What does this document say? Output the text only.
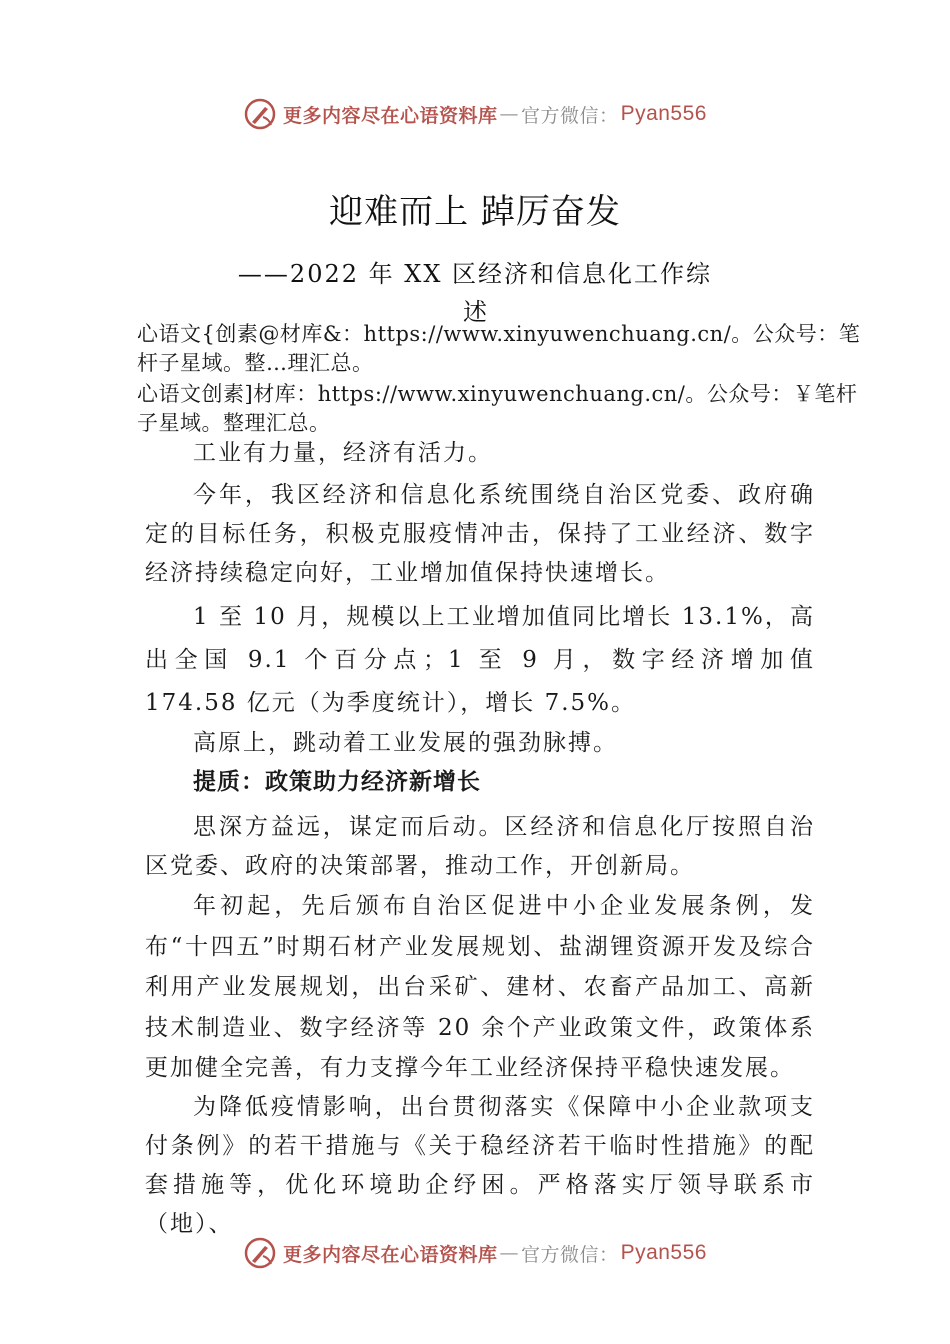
更多内容尽在心语资料库 — 官方微信： Pyan556
迎难而上 踔厉奋发
——2022 年 XX 区经济和信息化工作综
述
心语文{创素@材库&：https://www.xinyuwenchuang.cn/。公众号：笔杆子星域。整…理汇总。
心语文创素]材库：https://www.xinyuwenchuang.cn/。公众号：￥笔杆子星域。整理汇总。
工业有力量，经济有活力。
今年，我区经济和信息化系统围绕自治区党委、政府确定的目标任务，积极克服疫情冲击，保持了工业经济、数字经济持续稳定向好，工业增加值保持快速增长。
1 至 10 月，规模以上工业增加值同比增长 13.1%，高出全国 9.1 个百分点；1 至 9 月，数字经济增加值 174.58 亿元（为季度统计），增长 7.5%。
高原上，跳动着工业发展的强劲脉搏。
提质：政策助力经济新增长
思深方益远，谋定而后动。区经济和信息化厅按照自治区党委、政府的决策部署，推动工作，开创新局。
年初起，先后颁布自治区促进中小企业发展条例，发布“十四五”时期石材产业发展规划、盐湖锂资源开发及综合利用产业发展规划，出台采矿、建材、农畜产品加工、高新技术制造业、数字经济等 20 余个产业政策文件，政策体系更加健全完善，有力支撑今年工业经济保持平稳快速发展。
为降低疫情影响，出台贯彻落实《保障中小企业款项支付条例》的若干措施与《关于稳经济若干临时性措施》的配套措施等，优化环境助企纾困。严格落实厅领导联系市（地）、
更多内容尽在心语资料库 — 官方微信： Pyan556
